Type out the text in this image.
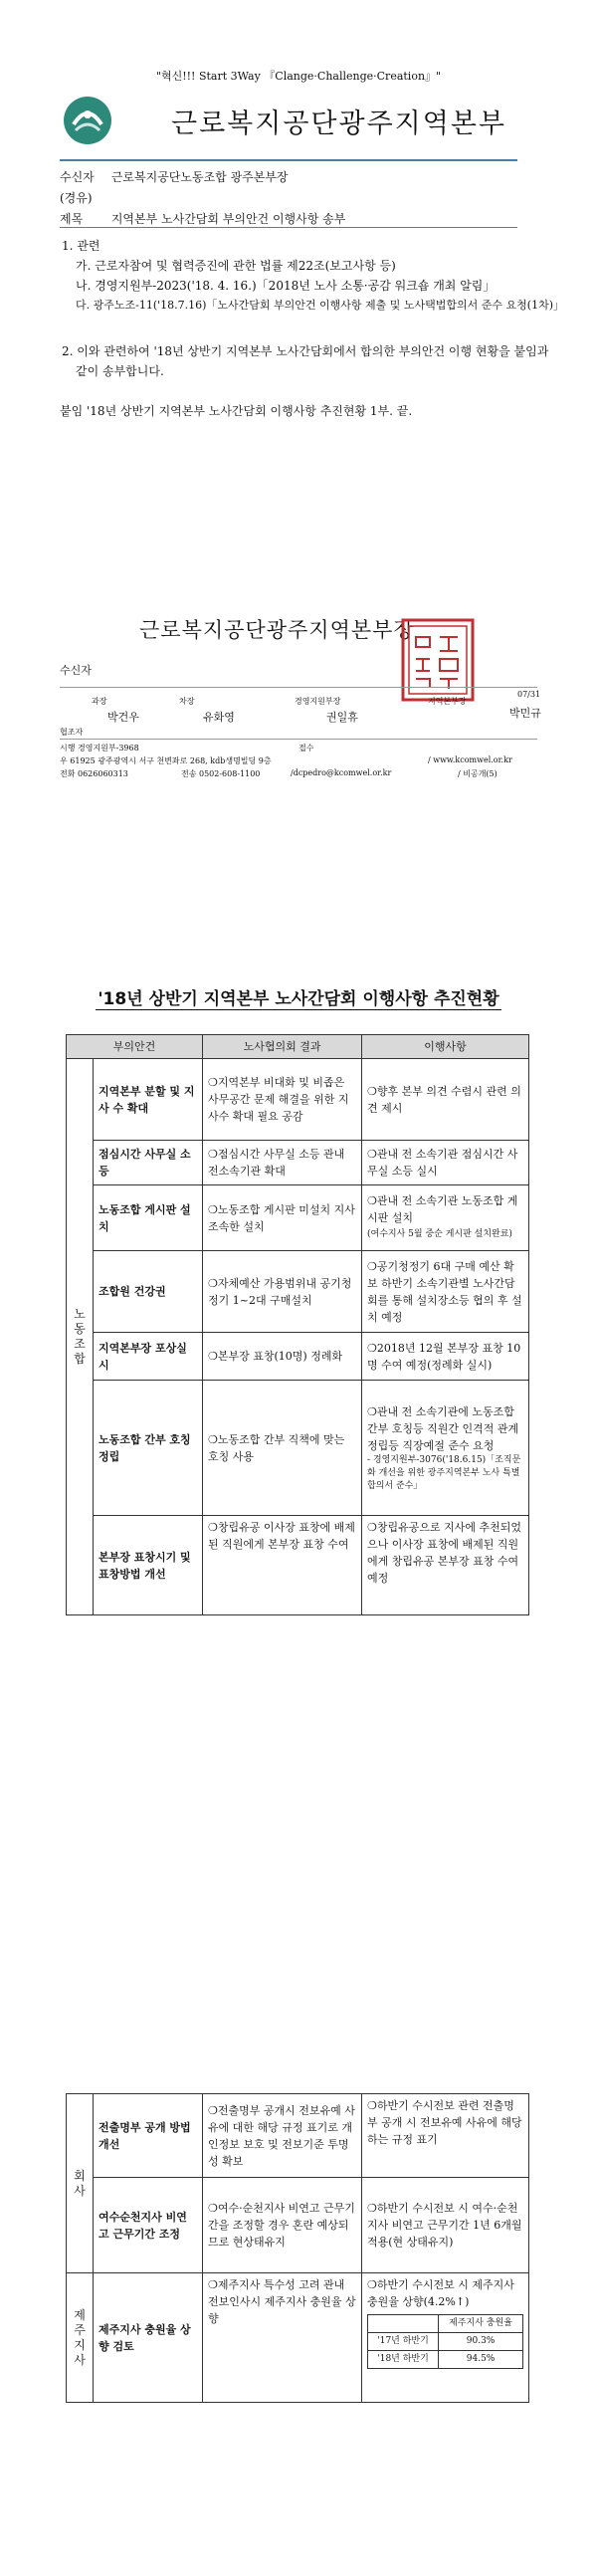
"혁신!!! Start 3Way 『Clange·Challenge·Creation』"
근로복지공단광주지역본부
수신자 근로복지공단노동조합 광주본부장
(경유)
제목 지역본부 노사간담회 부의안건 이행사항 송부
1. 관련
가. 근로자참여 및 협력증진에 관한 법률 제22조(보고사항 등)
나. 경영지원부-2023('18. 4. 16.)「2018년 노사 소통·공감 워크숍 개최 알림」
다. 광주노조-11('18.7.16)「노사간담회 부의안건 이행사항 제출 및 노사택법합의서 준수 요청(1차)」
2. 이와 관련하여 '18년 상반기 지역본부 노사간담회에서 합의한 부의안건 이행 현황을 붙임과
같이 송부합니다.
붙임 '18년 상반기 지역본부 노사간담회 이행사항 추진현황 1부. 끝.
근로복지공단광주지역본부장
수신자
과장
박건우
차장
유화영
경영지원부장
권일휴
지역본부장
07/31
박민규
협조자
시행 경영지원부-3968	접수
우 61925 광주광역시 서구 천변좌로 268, kdb생명빌딩 9층	/ www.kcomwel.or.kr
전화 0626060313	전송 0502-608-1100	/dcpedro@kcomwel.or.kr	/ 비공개(5)
'18년 상반기 지역본부 노사간담회 이행사항 추진현황
부의안건		노사협의회 결과	이행사항
노
동
조
합	지역본부 분할 및 지사 수 확대	❍지역본부 비대화 및 비좁은 사무공간 문제 해결을 위한 지사수 확대 필요 공감	❍향후 본부 의견 수렴시 관련 의견 제시
	점심시간 사무실 소등	❍점심시간 사무실 소등 관내 전소속기관 확대	❍관내 전 소속기관 점심시간 사무실 소등 실시
	노동조합 게시판 설치	❍노동조합 게시판 미설치 지사 조속한 설치	❍관내 전 소속기관 노동조합 게시판 설치
(여수지사 5월 중순 게시판 설치완료)

	조합원 건강권	❍자체예산 가용범위내 공기청정기 1~2대 구매설치	❍공기청정기 6대 구매 예산 확보 하반기 소속기관별 노사간담회를 통해 설치장소등 협의 후 설치 예정
	지역본부장 포상실시	❍본부장 표창(10명) 정례화	❍2018년 12월 본부장 표창 10명 수여 예정(정례화 실시)
	노동조합 간부 호칭 정립	❍노동조합 간부 직책에 맞는 호칭 사용	❍관내 전 소속기관에 노동조합 간부 호칭등 직원간 인격적 관계 정립등 직장예절 준수 요청
- 경영지원부-3076('18.6.15)「조직문화 개선을 위한 광주지역본부 노사 특별합의서 준수」

	본부장 표창시기 및 표창방법 개선	❍창립유공 이사장 표창에 배제 된 직원에게 본부장 표창 수여	❍창립유공으로 지사에 추천되었으나 이사장 표창에 배제된 직원에게 창립유공 본부장 표창 수여 예정
회
사	전출명부 공개 방법 개선	❍전출명부 공개시 전보유예 사유에 대한 해당 규정 표기로 개인정보 보호 및 전보기준 투명성 확보	❍하반기 수시전보 관련 전출명부 공개 시 전보유예 사유에 해당하는 규정 표기
여수순천지사 비연고 근무기간 조정	❍여수·순천지사 비연고 근무기간을 조정할 경우 혼란 예상되므로 현상태유지	❍하반기 수시전보 시 여수·순천지사 비연고 근무기간 1년 6개월 적용(현 상태유지)
제
주
지
사	제주지사 충원율 상향 검토	❍제주지사 특수성 고려 관내 전보인사시 제주지사 충원율 상향	
❍하반기 수시전보 시 제주지사 충원율 상향(4.2%↑)
	제주지사 충원율
'17년 하반기	90.3%
'18년 하반기	94.5%
